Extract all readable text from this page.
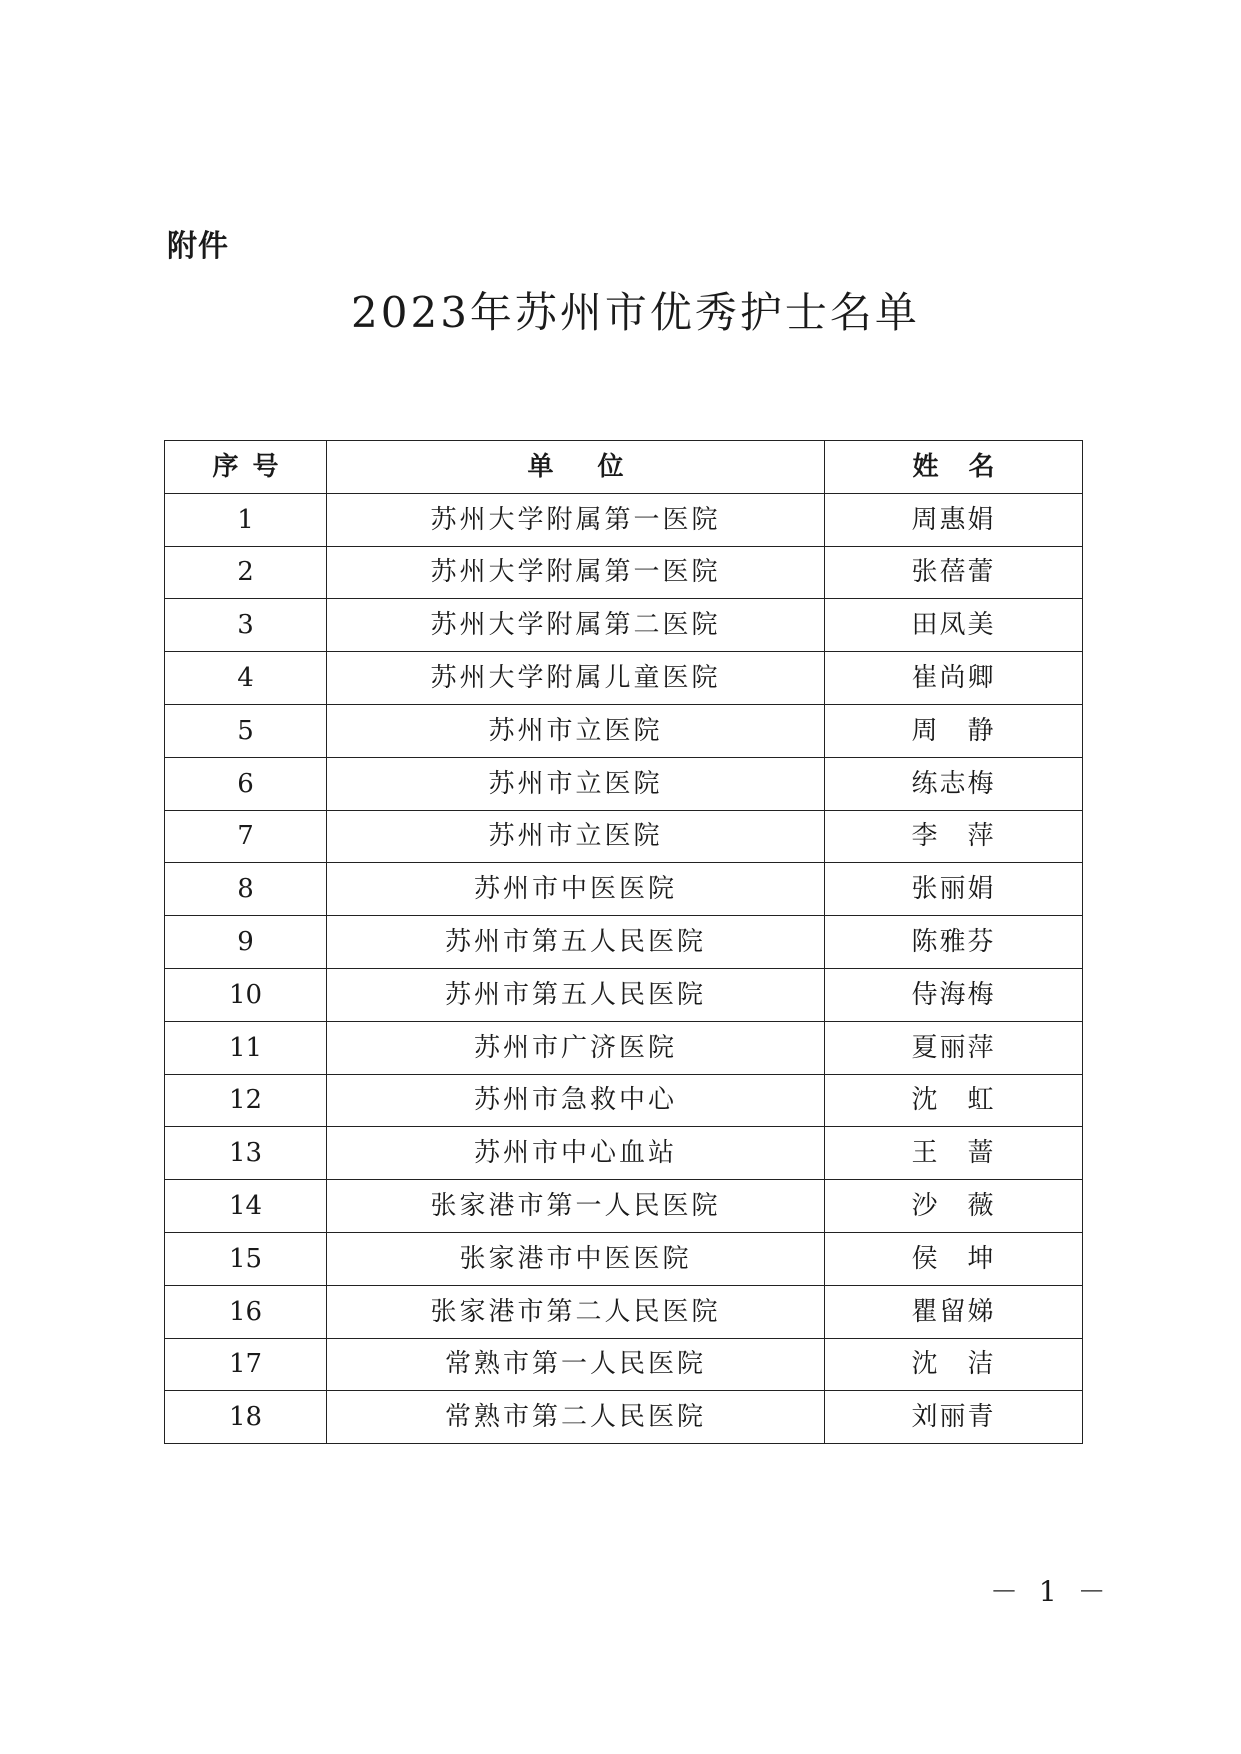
附件
2023年苏州市优秀护士名单
序号	单位	姓名
1	苏州大学附属第一医院	周惠娟
2	苏州大学附属第一医院	张蓓蕾
3	苏州大学附属第二医院	田凤美
4	苏州大学附属儿童医院	崔尚卿
5	苏州市立医院	周　静
6	苏州市立医院	练志梅
7	苏州市立医院	李　萍
8	苏州市中医医院	张丽娟
9	苏州市第五人民医院	陈雅芬
10	苏州市第五人民医院	侍海梅
11	苏州市广济医院	夏丽萍
12	苏州市急救中心	沈　虹
13	苏州市中心血站	王　蔷
14	张家港市第一人民医院	沙　薇
15	张家港市中医医院	侯　坤
16	张家港市第二人民医院	瞿留娣
17	常熟市第一人民医院	沈　洁
18	常熟市第二人民医院	刘丽青
－ 1 －
